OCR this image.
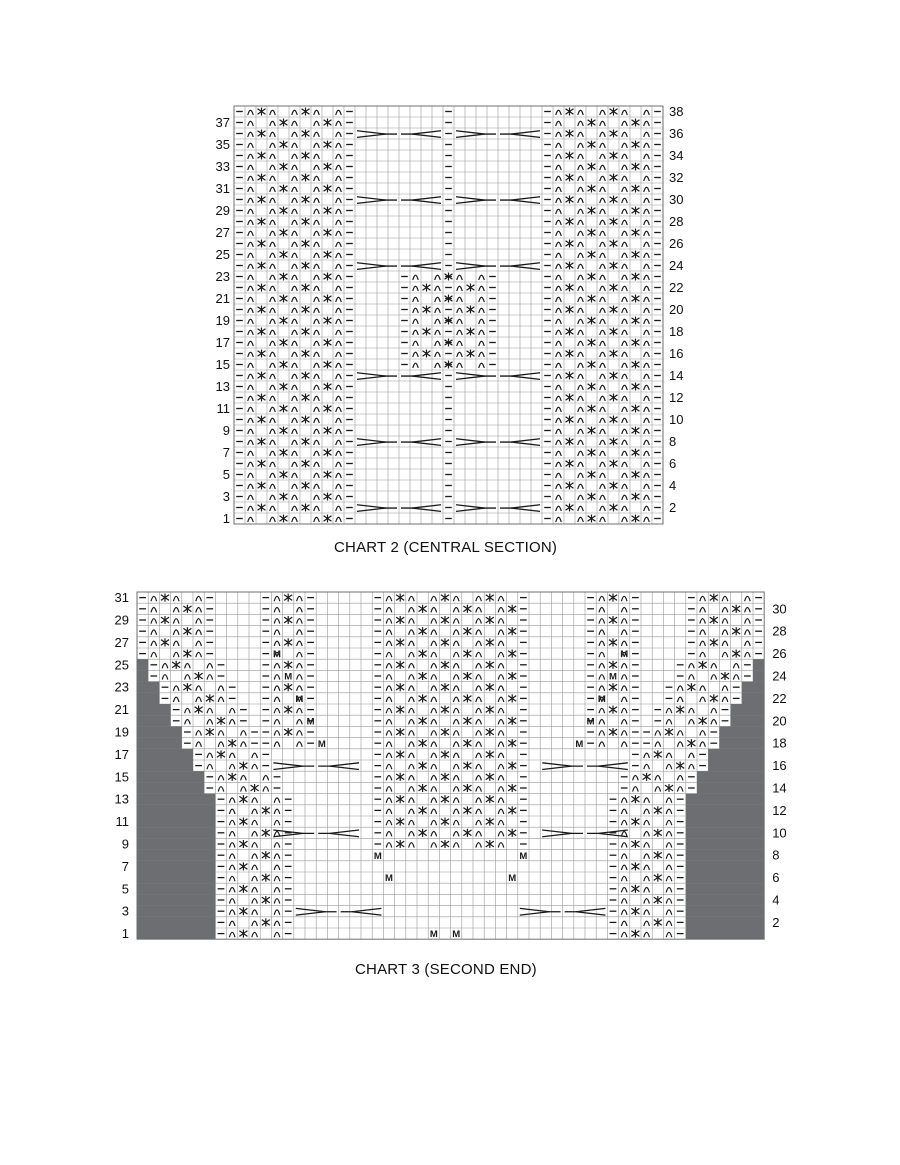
37
35
33
31
29
27
25
23
21
19
17
15
13
11
9
7
5
3
1
38
36
34
32
30
28
26
24
22
20
18
16
14
12
10
8
6
4
2
CHART 2 (CENTRAL SECTION)
M
M
M
M
M
M
M
M
M
M
M
M
M
M
M M
31
29
27
25
23
21
19
17
15
13
11
9
7
5
3
1
30
28
26
24
22
20
18
16
14
12
10
8
6
4
2
CHART 3 (SECOND END)
